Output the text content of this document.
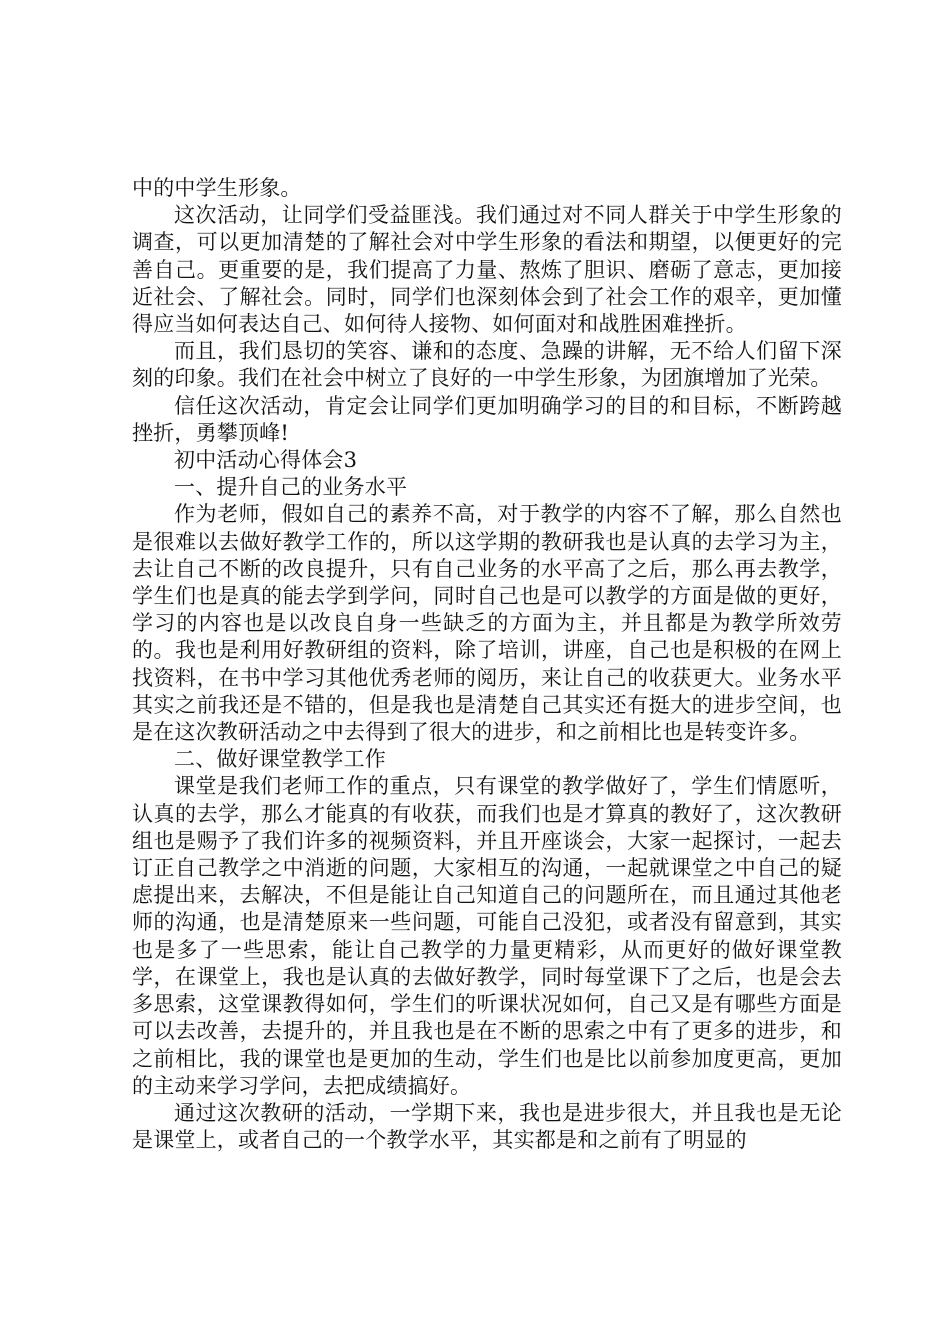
中的中学生形象。

这次活动，让同学们受益匪浅。我们通过对不同人群关于中学生形象的调查，可以更加清楚的了解社会对中学生形象的看法和期望，以便更好的完善自己。更重要的是，我们提高了力量、熬炼了胆识、磨砺了意志，更加接近社会、了解社会。同时，同学们也深刻体会到了社会工作的艰辛，更加懂得应当如何表达自己、如何待人接物、如何面对和战胜困难挫折。

而且，我们恳切的笑容、谦和的态度、急躁的讲解，无不给人们留下深刻的印象。我们在社会中树立了良好的一中学生形象，为团旗增加了光荣。

信任这次活动，肯定会让同学们更加明确学习的目的和目标，不断跨越挫折，勇攀顶峰!

初中活动心得体会3

一、提升自己的业务水平

作为老师，假如自己的素养不高，对于教学的内容不了解，那么自然也是很难以去做好教学工作的，所以这学期的教研我也是认真的去学习为主，去让自己不断的改良提升，只有自己业务的水平高了之后，那么再去教学，学生们也是真的能去学到学问，同时自己也是可以教学的方面是做的更好，学习的内容也是以改良自身一些缺乏的方面为主，并且都是为教学所效劳的。我也是利用好教研组的资料，除了培训，讲座，自己也是积极的在网上找资料，在书中学习其他优秀老师的阅历，来让自己的收获更大。业务水平其实之前我还是不错的，但是我也是清楚自己其实还有挺大的进步空间，也是在这次教研活动之中去得到了很大的进步，和之前相比也是转变许多。

二、做好课堂教学工作

课堂是我们老师工作的重点，只有课堂的教学做好了，学生们情愿听，认真的去学，那么才能真的有收获，而我们也是才算真的教好了，这次教研组也是赐予了我们许多的视频资料，并且开座谈会，大家一起探讨，一起去订正自己教学之中消逝的问题，大家相互的沟通，一起就课堂之中自己的疑虑提出来，去解决，不但是能让自己知道自己的问题所在，而且通过其他老师的沟通，也是清楚原来一些问题，可能自己没犯，或者没有留意到，其实也是多了一些思索，能让自己教学的力量更精彩，从而更好的做好课堂教学，在课堂上，我也是认真的去做好教学，同时每堂课下了之后，也是会去多思索，这堂课教得如何，学生们的听课状况如何，自己又是有哪些方面是可以去改善，去提升的，并且我也是在不断的思索之中有了更多的进步，和之前相比，我的课堂也是更加的生动，学生们也是比以前参加度更高，更加的主动来学习学问，去把成绩搞好。

通过这次教研的活动，一学期下来，我也是进步很大，并且我也是无论是课堂上，或者自己的一个教学水平，其实都是和之前有了明显的
